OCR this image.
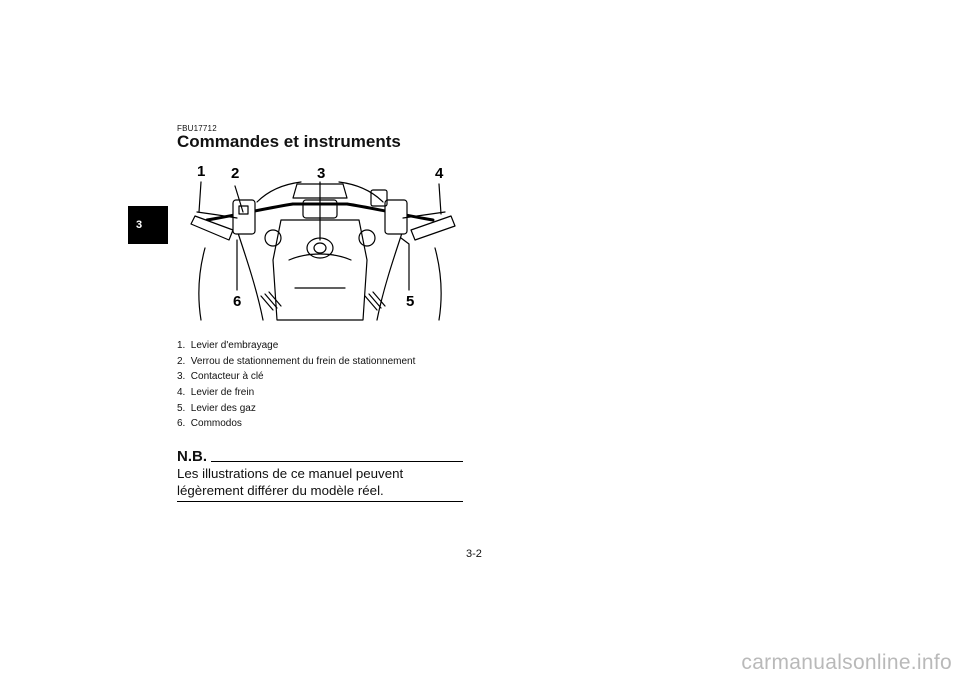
3
FBU17712
Commandes et instruments
1 2	3	4
5
6
1. Levier d'embrayage
2. Verrou de stationnement du frein de stationnement
3. Contacteur à clé
4. Levier de frein
5. Levier des gaz
6. Commodos
N.B.

Les illustrations de ce manuel peuvent légèrement différer du modèle réel.

3-2
carmanualsonline.info
